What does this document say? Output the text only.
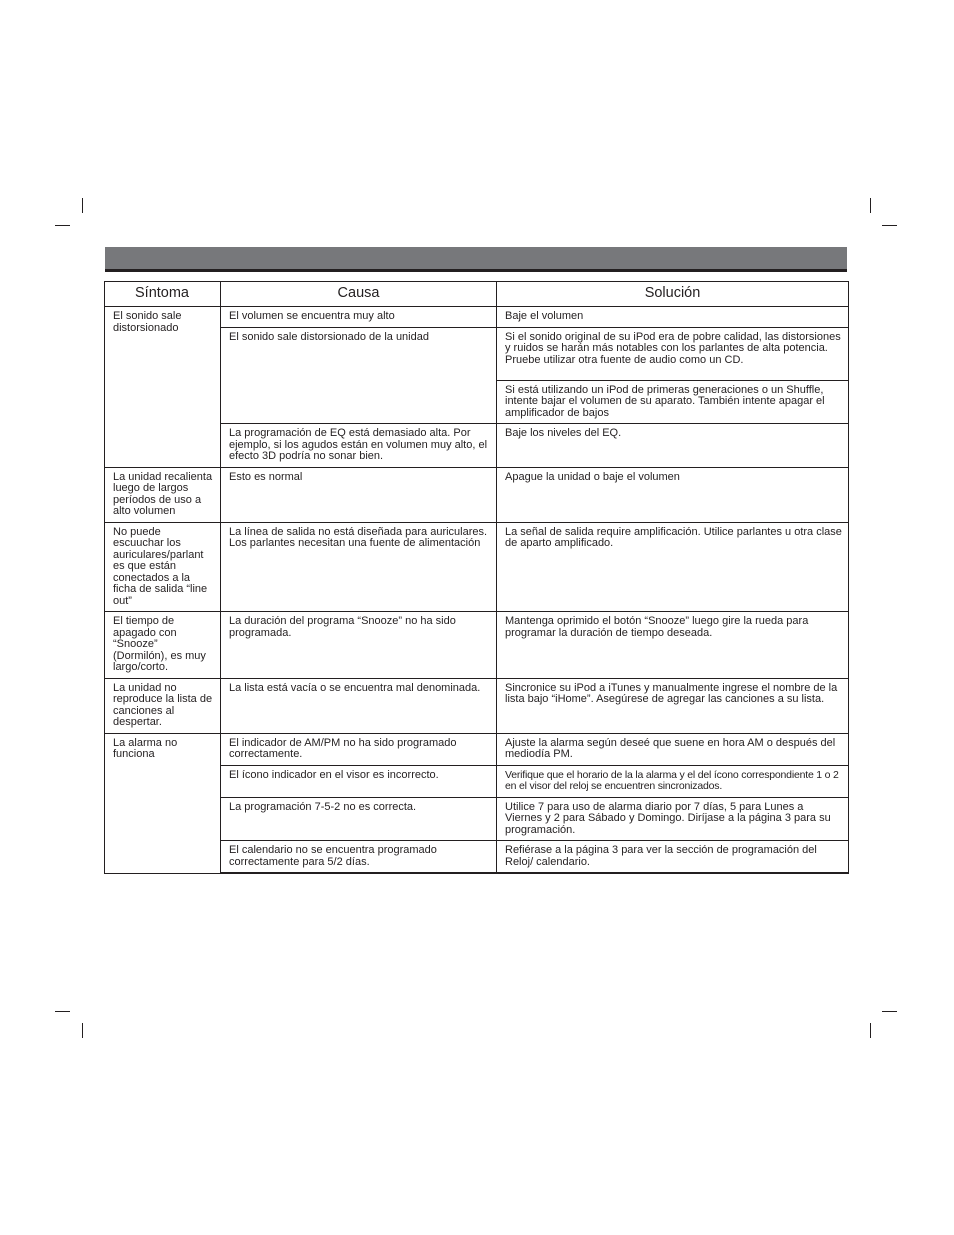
Síntoma	Causa	Solución
El sonido sale distorsionado	El volumen se encuentra muy alto	Baje el volumen
	El sonido sale distorsionado de la unidad	Si el sonido original de su iPod era de pobre calidad, las distorsiones y ruidos se harán más notables con los parlantes de alta potencia. Pruebe utilizar otra fuente de audio como un CD.
		Si está utilizando un iPod de primeras generaciones o un Shuffle, intente bajar el volumen de su aparato. También intente apagar el amplificador de bajos
	La programación de EQ está demasiado alta. Por ejemplo, si los agudos están en volumen muy alto, el efecto 3D podría no sonar bien.	Baje los niveles del EQ.
La unidad recalienta luego de largos períodos de uso a alto volumen	Esto es normal	Apague la unidad o baje el volumen
No puede escuuchar los auriculares/parlant es que están conectados a la ficha de salida “line out”	La línea de salida no está diseñada para auriculares. Los parlantes necesitan una fuente de alimentación	La señal de salida require amplificación. Utilice parlantes u otra clase de aparto amplificado.
El tiempo de apagado con “Snooze” (Dormilón), es muy largo/corto.	La duración del programa “Snooze” no ha sido programada.	Mantenga oprimido el botón “Snooze” luego gire la rueda para programar la duración de tiempo deseada.
La unidad no reproduce la lista de canciones al despertar.	La lista está vacía o se encuentra mal denominada.	Sincronice su iPod a iTunes y manualmente ingrese el nombre de la lista bajo “iHome”. Asegúrese de agregar las canciones a su lista.
La alarma no funciona	El indicador de AM/PM no ha sido programado correctamente.	Ajuste la alarma según deseé que suene en hora AM o después del mediodía PM.
	El ícono indicador en el visor es incorrecto.	Verifique que el horario de la la alarma y el del ícono correspondiente 1 o 2 en el visor del reloj se encuentren sincronizados.
	La programación 7-5-2 no es correcta.	Utilice 7 para uso de alarma diario por 7 días, 5 para Lunes a Viernes y 2 para Sábado y Domingo. Diríjase a la página 3 para su programación.
	El calendario no se encuentra programado correctamente para 5/2 días.	Refiérase a la página 3 para ver la sección de programación del Reloj/ calendario.
